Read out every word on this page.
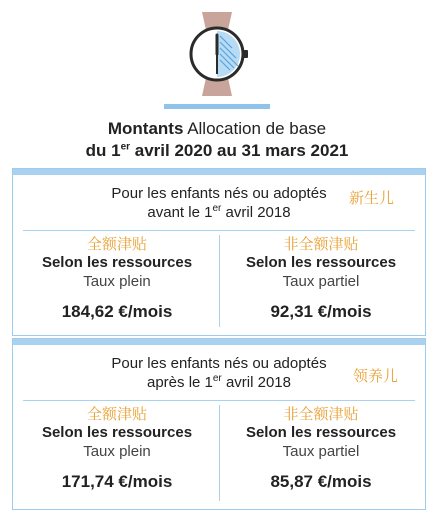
Montants Allocation de base
du 1er avril 2020 au 31 mars 2021
Pour les enfants nés ou adoptés
avant le 1er avril 2018
新生儿
全额津贴
Selon les ressources
Taux plein
184,62 €/mois
非全额津贴
Selon les ressources
Taux partiel
92,31 €/mois
Pour les enfants nés ou adoptés
après le 1er avril 2018	领养儿
全额津贴
Selon les ressources
Taux plein
171,74 €/mois
非全额津贴
Selon les ressources
Taux partiel
85,87 €/mois
